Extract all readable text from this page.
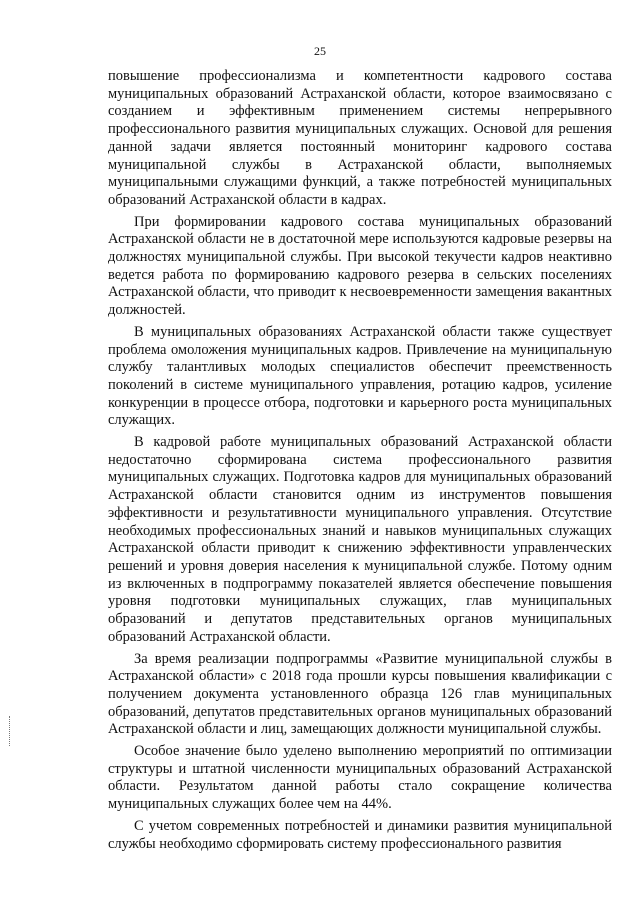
25

повышение профессионализма и компетентности кадрового состава муниципальных образований Астраханской области, которое взаимосвязано с созданием и эффективным применением системы непрерывного профессионального развития муниципальных служащих. Основой для решения данной задачи является постоянный мониторинг кадрового состава муниципальной службы в Астраханской области, выполняемых муниципальными служащими функций, а также потребностей муниципальных образований Астраханской области в кадрах.

При формировании кадрового состава муниципальных образований Астраханской области не в достаточной мере используются кадровые резервы на должностях муниципальной службы. При высокой текучести кадров неактивно ведется работа по формированию кадрового резерва в сельских поселениях Астраханской области, что приводит к несвоевременности замещения вакантных должностей.

В муниципальных образованиях Астраханской области также существует проблема омоложения муниципальных кадров. Привлечение на муниципальную службу талантливых молодых специалистов обеспечит преемственность поколений в системе муниципального управления, ротацию кадров, усиление конкуренции в процессе отбора, подготовки и карьерного роста муниципальных служащих.

В кадровой работе муниципальных образований Астраханской области недостаточно сформирована система профессионального развития муниципальных служащих. Подготовка кадров для муниципальных образований Астраханской области становится одним из инструментов повышения эффективности и результативности муниципального управления. Отсутствие необходимых профессиональных знаний и навыков муниципальных служащих Астраханской области приводит к снижению эффективности управленческих решений и уровня доверия населения к муниципальной службе. Потому одним из включенных в подпрограмму показателей является обеспечение повышения уровня подготовки муниципальных служащих, глав муниципальных образований и депутатов представительных органов муниципальных образований Астраханской области.

За время реализации подпрограммы «Развитие муниципальной службы в Астраханской области» с 2018 года прошли курсы повышения квалификации с получением документа установленного образца 126 глав муниципальных образований, депутатов представительных органов муниципальных образований Астраханской области и лиц, замещающих должности муниципальной службы.

Особое значение было уделено выполнению мероприятий по оптимизации структуры и штатной численности муниципальных образований Астраханской области. Результатом данной работы стало сокращение количества муниципальных служащих более чем на 44%.

С учетом современных потребностей и динамики развития муниципальной службы необходимо сформировать систему профессионального развития
